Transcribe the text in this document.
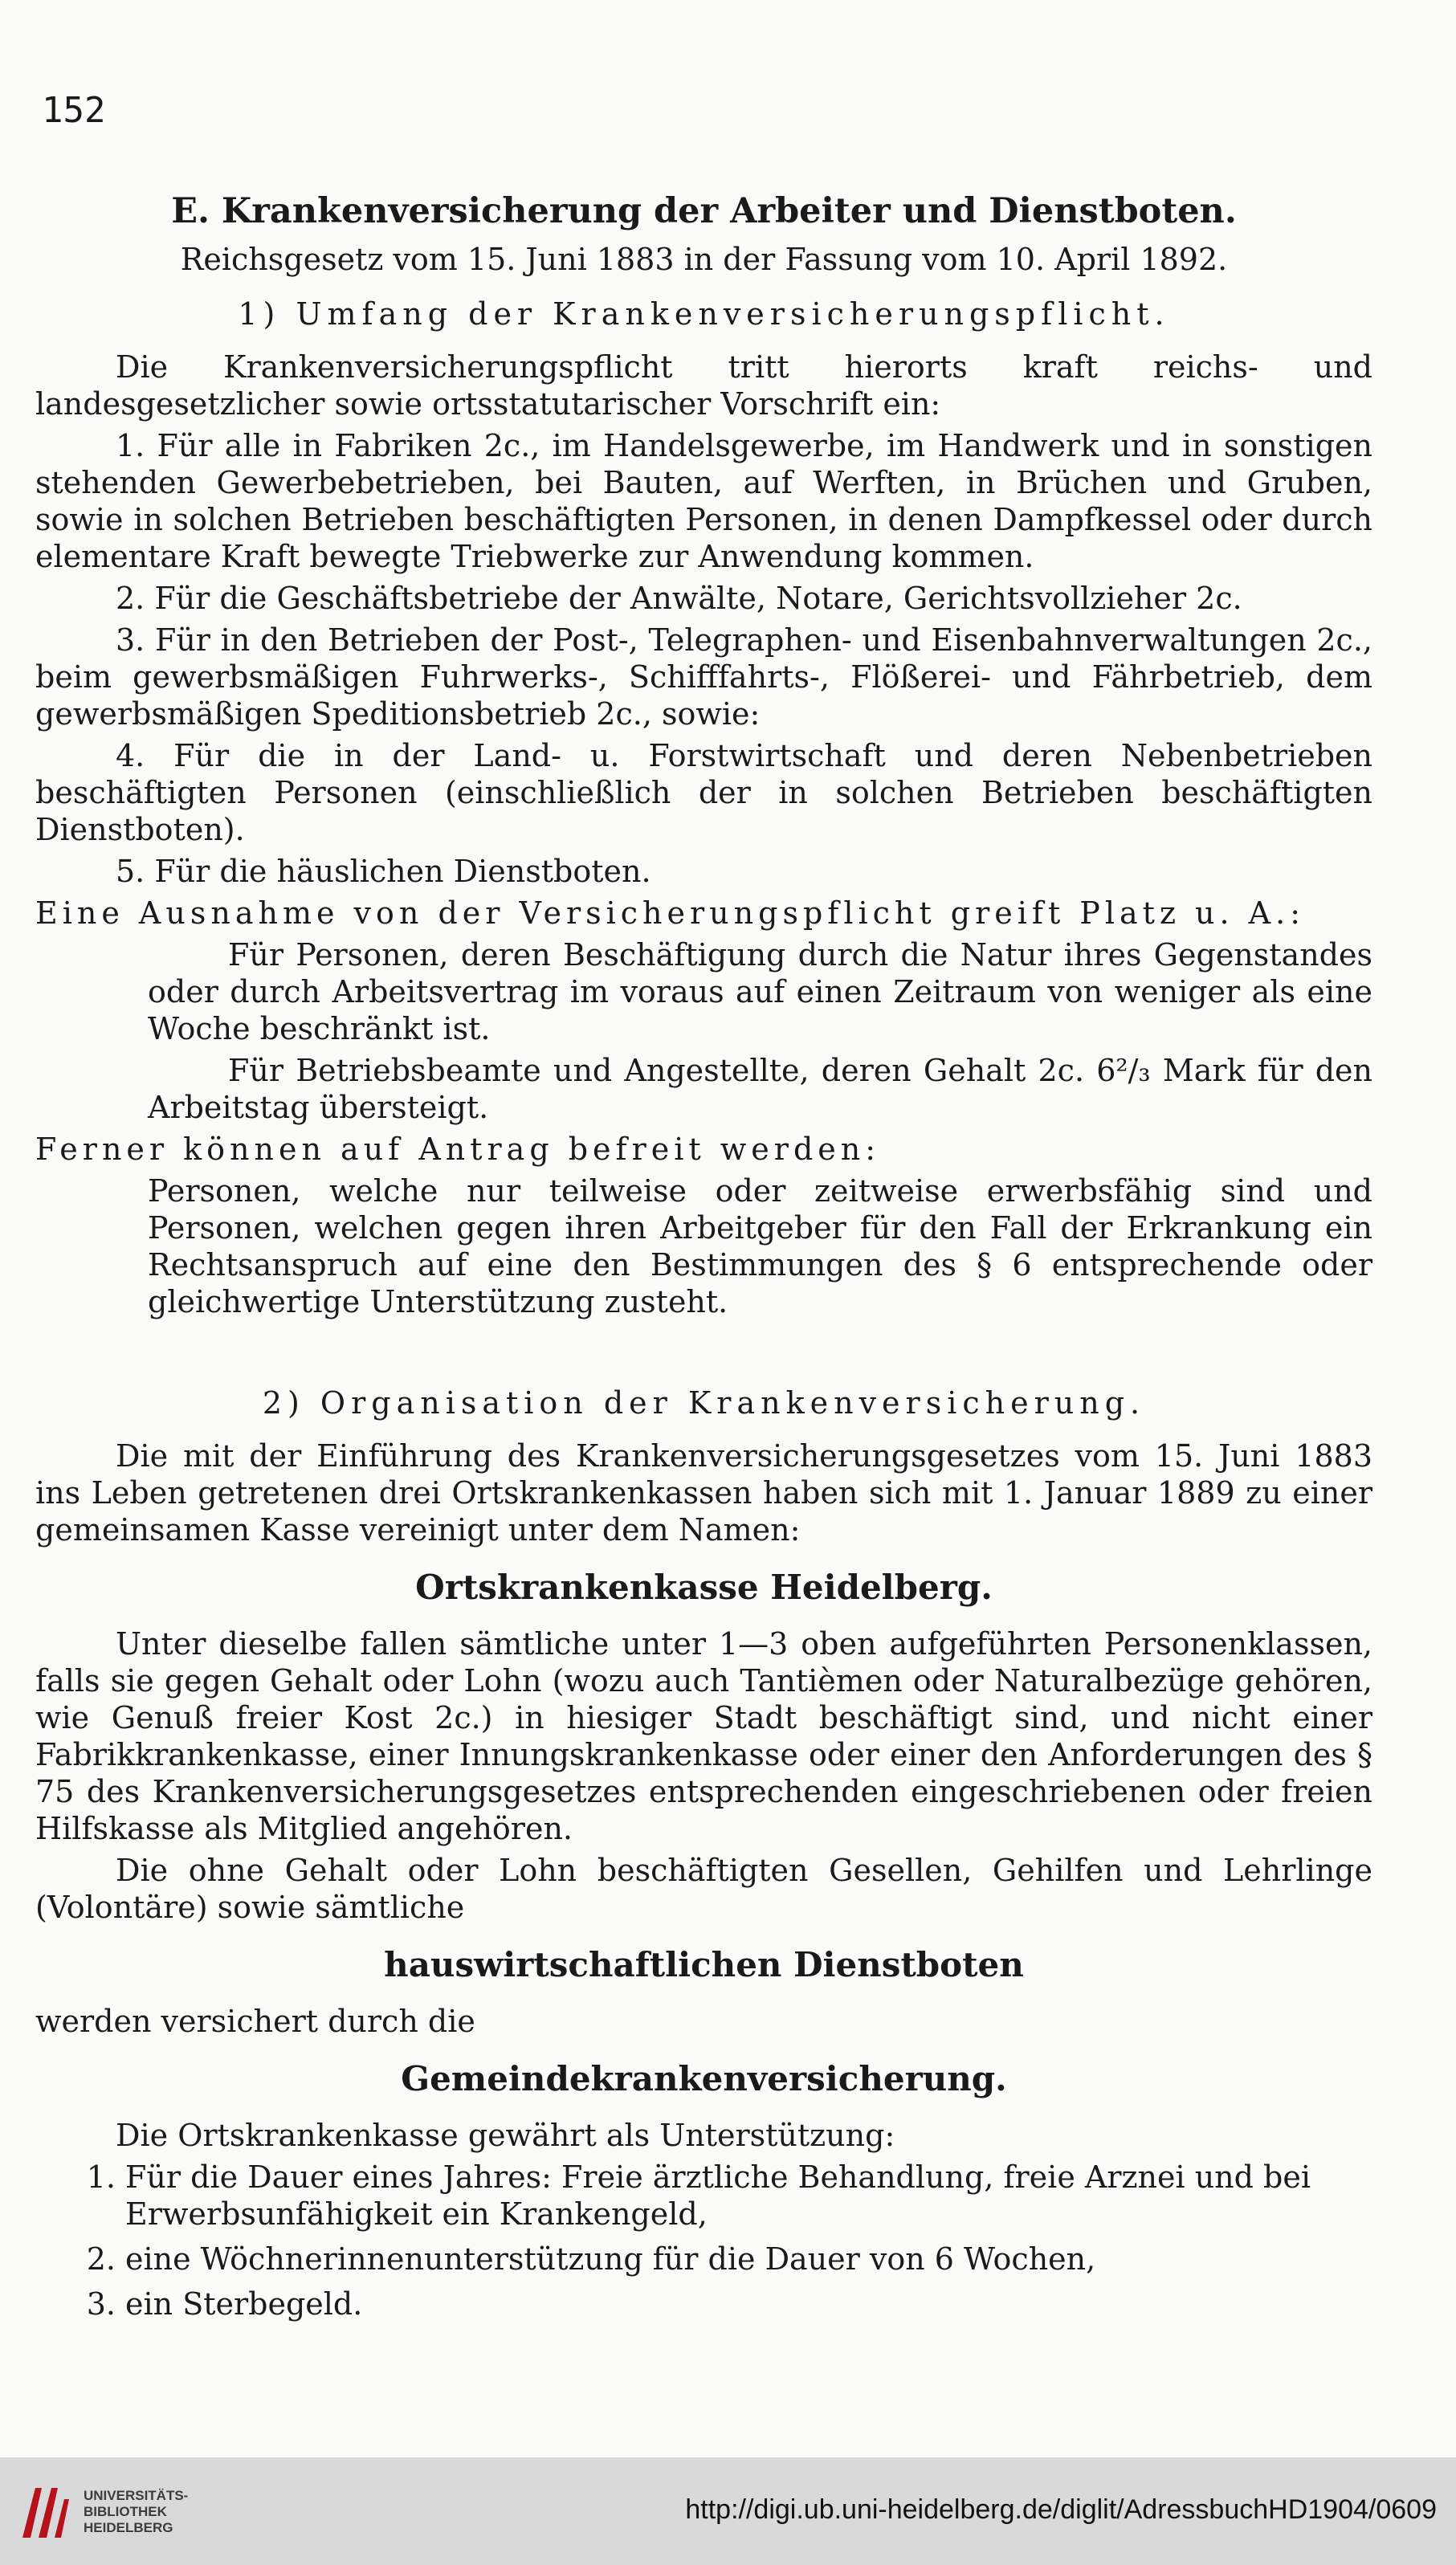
152
E. Krankenversicherung der Arbeiter und Dienstboten.
Reichsgesetz vom 15. Juni 1883 in der Fassung vom 10. April 1892.
1) Umfang der Krankenversicherungspflicht.

Die Krankenversicherungspflicht tritt hierorts kraft reichs- und landesgesetzlicher sowie ortsstatutarischer Vorschrift ein:

1. Für alle in Fabriken 2c., im Handelsgewerbe, im Handwerk und in sonstigen stehenden Gewerbebetrieben, bei Bauten, auf Werften, in Brüchen und Gruben, sowie in solchen Betrieben beschäftigten Personen, in denen Dampfkessel oder durch elementare Kraft bewegte Triebwerke zur Anwendung kommen.

2. Für die Geschäftsbetriebe der Anwälte, Notare, Gerichtsvollzieher 2c.

3. Für in den Betrieben der Post-, Telegraphen- und Eisenbahnverwaltungen 2c., beim gewerbsmäßigen Fuhrwerks-, Schifffahrts-, Flößerei- und Fährbetrieb, dem gewerbsmäßigen Speditionsbetrieb 2c., sowie:

4. Für die in der Land- u. Forstwirtschaft und deren Nebenbetrieben beschäftigten Personen (einschließlich der in solchen Betrieben beschäftigten Dienstboten).

5. Für die häuslichen Dienstboten.

Eine Ausnahme von der Versicherungspflicht greift Platz u. A.:

Für Personen, deren Beschäftigung durch die Natur ihres Gegenstandes oder durch Arbeitsvertrag im voraus auf einen Zeitraum von weniger als eine Woche beschränkt ist.

Für Betriebsbeamte und Angestellte, deren Gehalt 2c. 6²/₃ Mark für den Arbeitstag übersteigt.

Ferner können auf Antrag befreit werden:

Personen, welche nur teilweise oder zeitweise erwerbsfähig sind und Personen, welchen gegen ihren Arbeitgeber für den Fall der Erkrankung ein Rechtsanspruch auf eine den Bestimmungen des § 6 entsprechende oder gleichwertige Unterstützung zusteht.

2) Organisation der Krankenversicherung.

Die mit der Einführung des Krankenversicherungsgesetzes vom 15. Juni 1883 ins Leben getretenen drei Ortskrankenkassen haben sich mit 1. Januar 1889 zu einer gemeinsamen Kasse vereinigt unter dem Namen:

Ortskrankenkasse Heidelberg.

Unter dieselbe fallen sämtliche unter 1—3 oben aufgeführten Personenklassen, falls sie gegen Gehalt oder Lohn (wozu auch Tantièmen oder Naturalbezüge gehören, wie Genuß freier Kost 2c.) in hiesiger Stadt beschäftigt sind, und nicht einer Fabrikkrankenkasse, einer Innungskrankenkasse oder einer den Anforderungen des § 75 des Krankenversicherungsgesetzes entsprechenden eingeschriebenen oder freien Hilfskasse als Mitglied angehören.

Die ohne Gehalt oder Lohn beschäftigten Gesellen, Gehilfen und Lehrlinge (Volontäre) sowie sämtliche

hauswirtschaftlichen Dienstboten

werden versichert durch die

Gemeindekrankenversicherung.

Die Ortskrankenkasse gewährt als Unterstützung:

1. Für die Dauer eines Jahres: Freie ärztliche Behandlung, freie Arznei und bei Erwerbsunfähigkeit ein Krankengeld,
2. eine Wöchnerinnenunterstützung für die Dauer von 6 Wochen,
3. ein Sterbegeld.
UNIVERSITÄTS-
BIBLIOTHEK
HEIDELBERG
http://digi.ub.uni-heidelberg.de/diglit/AdressbuchHD1904/0609
